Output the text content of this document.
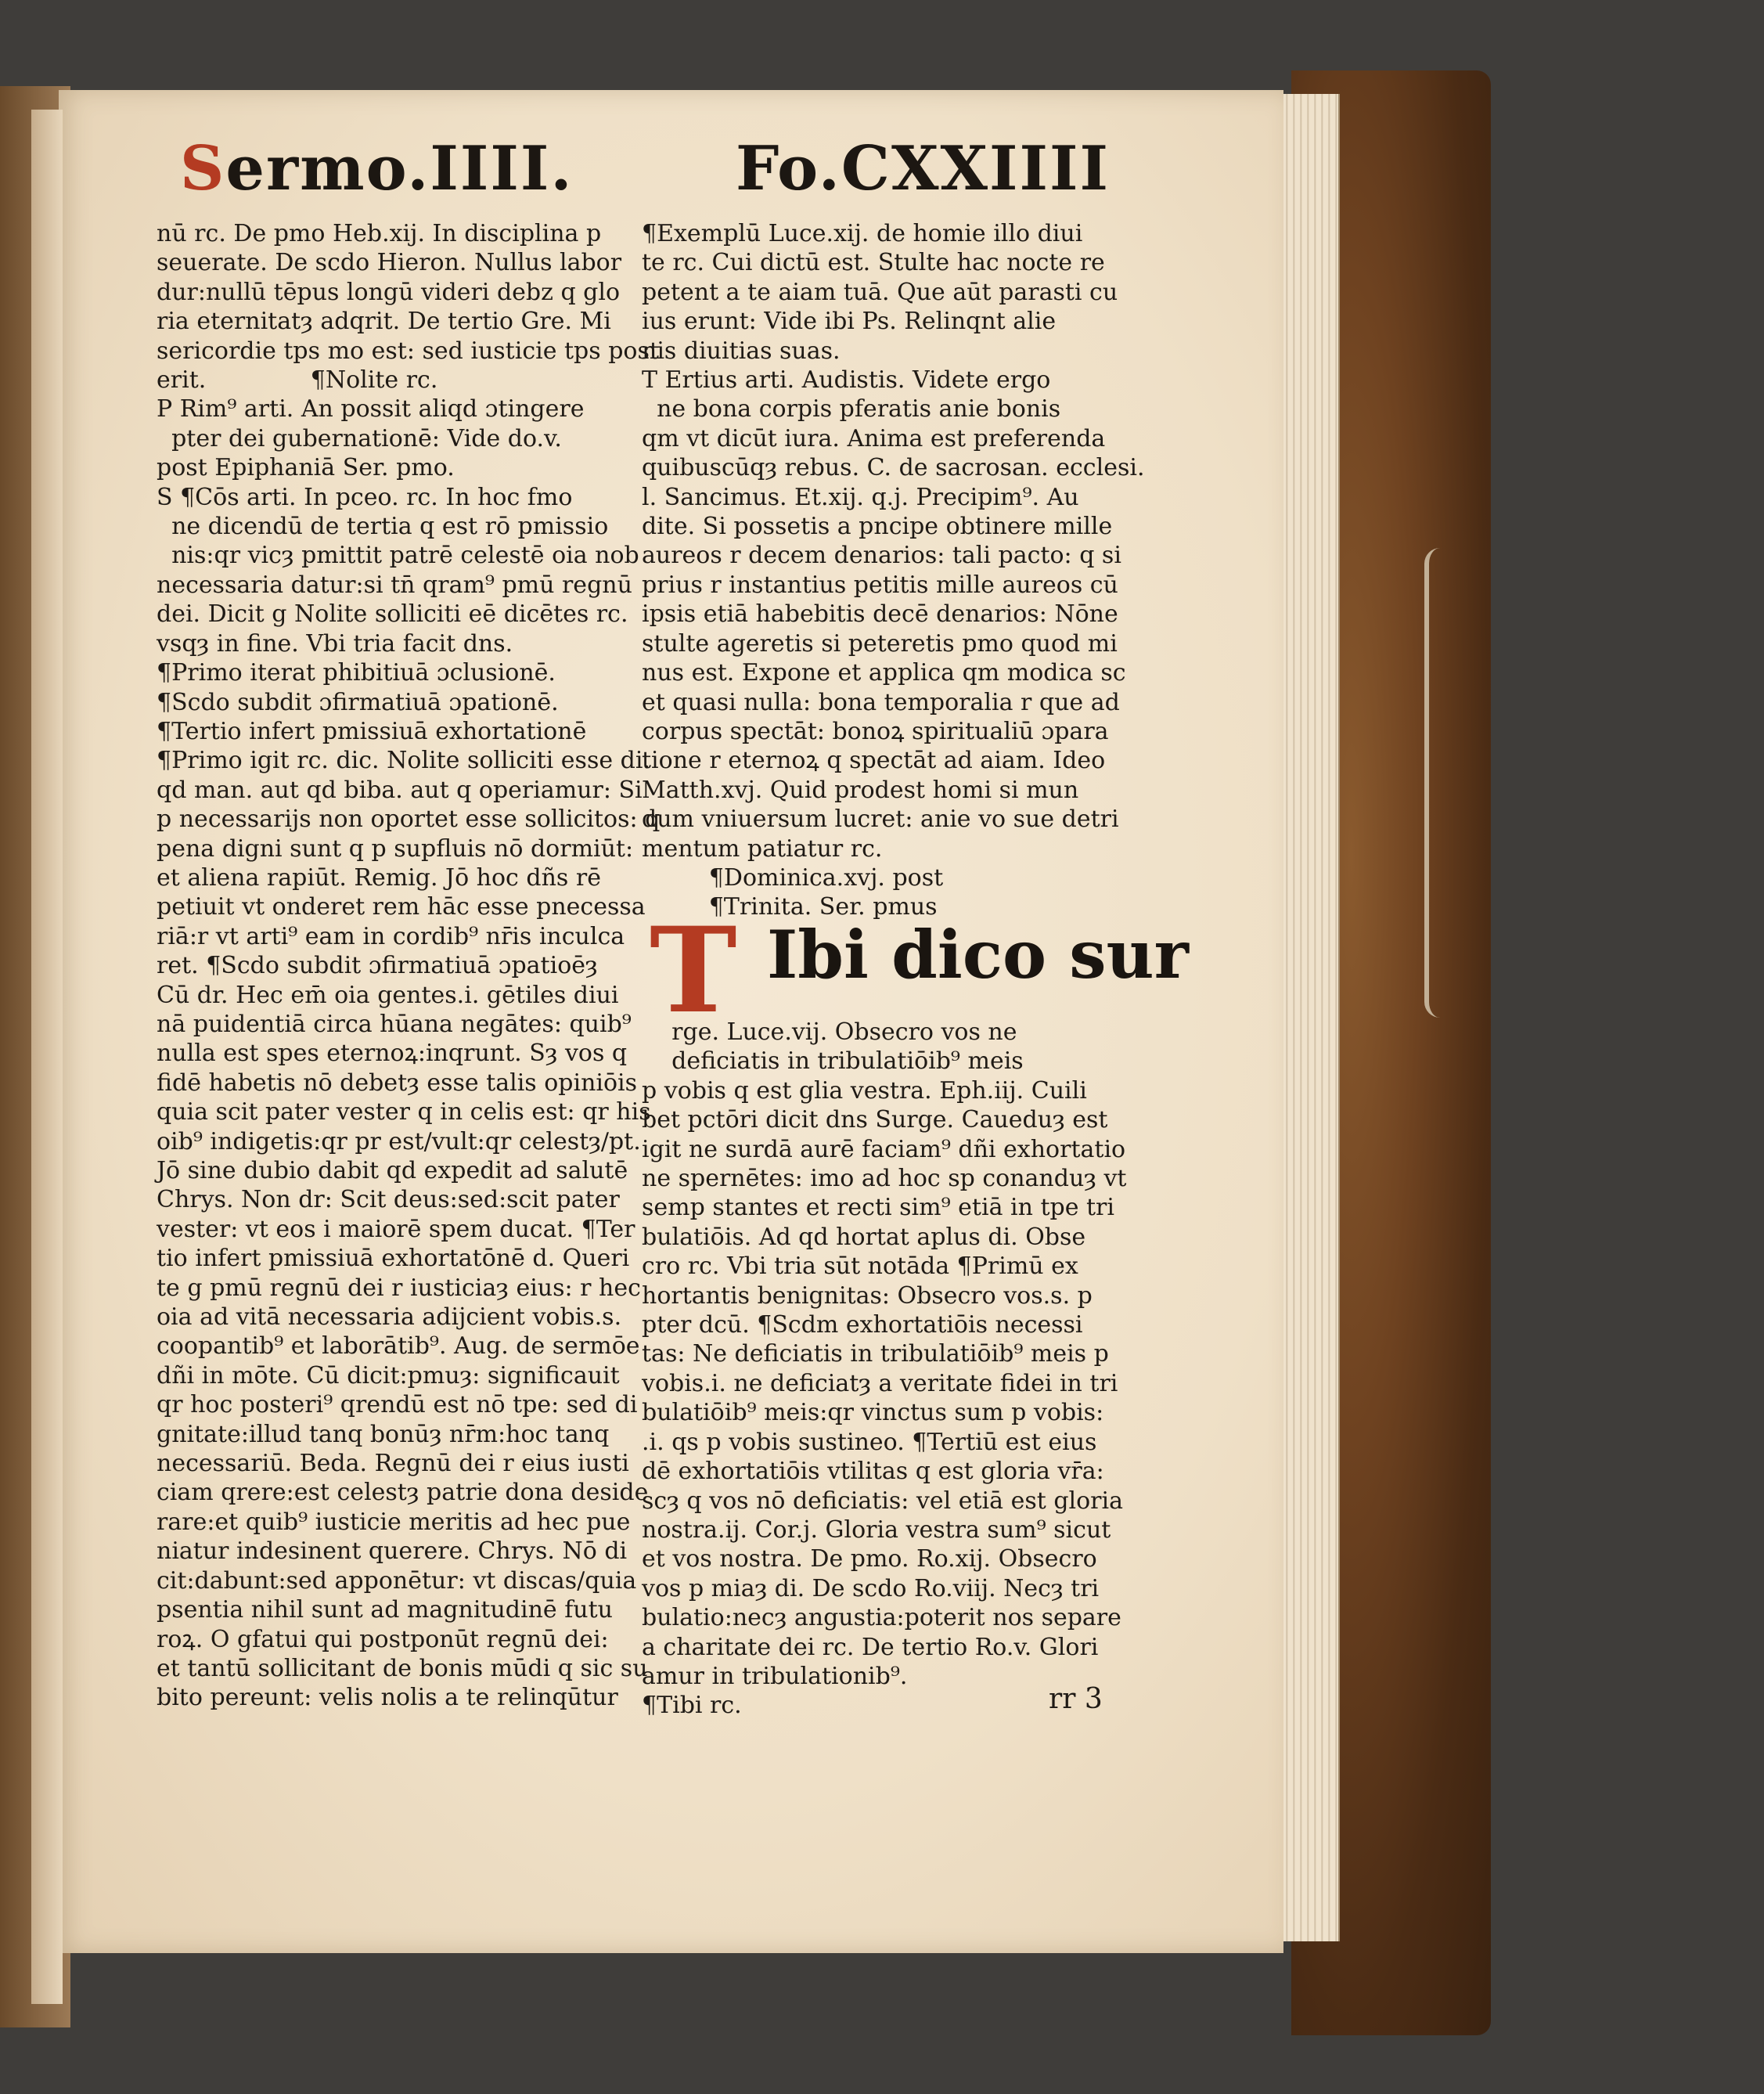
Sermo.IIII.	Fo.CXXIIII
nū rc. De pmo Heb.xij. In disciplina p
seuerate. De scdo Hieron. Nullus labor
dur:nullū tēpus longū videri debz q glo
ria eternitatȝ adqrit. De tertio Gre. Mi
sericordie tps mo est: sed iusticie tps post
erit.              ¶Nolite rc.
P Rim⁹ arti. An possit aliqd ɔtingere
pter dei gubernationē: Vide do.v.
post Epiphaniā Ser. pmo.
S ¶Cōs arti. In pceo. rc. In hoc fmo
ne dicendū de tertia q est rō pmissio
nis:qr vicȝ pmittit patrē celestē oia nob
necessaria datur:si tn̄ qram⁹ pmū regnū
dei. Dicit g Nolite solliciti eē dicētes rc.
vsqȝ in fine. Vbi tria facit dns.
¶Primo iterat phibitiuā ɔclusionē.
¶Scdo subdit ɔfirmatiuā ɔpationē.
¶Tertio infert pmissiuā exhortationē
¶Primo igit rc. dic. Nolite solliciti esse di.
qd man. aut qd biba. aut q operiamur: Si
p necessarijs non oportet esse sollicitos: q
pena digni sunt q p supfluis nō dormiūt:
et aliena rapiūt. Remig. Jō hoc dñs rē
petiuit vt onderet rem hāc esse pnecessa
riā:r vt arti⁹ eam in cordib⁹ nr̄is inculca
ret. ¶Scdo subdit ɔfirmatiuā ɔpatioēȝ
Cū dr. Hec em̄ oia gentes.i. gētiles diui
nā puidentiā circa hūana negātes: quib⁹
nulla est spes eternoꝝ:inqrunt. Sȝ vos q
fidē habetis nō debetȝ esse talis opiniōis
quia scit pater vester q in celis est: qr his
oib⁹ indigetis:qr pr est/vult:qr celestȝ/pt.
Jō sine dubio dabit qd expedit ad salutē
Chrys. Non dr: Scit deus:sed:scit pater
vester: vt eos i maiorē spem ducat. ¶Ter
tio infert pmissiuā exhortatōnē d. Queri
te g pmū regnū dei r iusticiaȝ eius: r hec
oia ad vitā necessaria adijcient vobis.s.
coopantib⁹ et laborātib⁹. Aug. de sermōe
dñi in mōte. Cū dicit:pmuȝ: significauit
qr hoc posteri⁹ qrendū est nō tpe: sed di
gnitate:illud tanq bonūȝ nr̄m:hoc tanq
necessariū. Beda. Regnū dei r eius iusti
ciam qrere:est celestȝ patrie dona deside
rare:et quib⁹ iusticie meritis ad hec pue
niatur indesinent querere. Chrys. Nō di
cit:dabunt:sed apponētur: vt discas/quia
psentia nihil sunt ad magnitudinē futu
roꝝ. O gfatui qui postponūt regnū dei:
et tantū sollicitant de bonis mūdi q sic su
bito pereunt: velis nolis a te relinqūtur
¶Exemplū Luce.xij. de homie illo diui
te rc. Cui dictū est. Stulte hac nocte re
petent a te aiam tuā. Que aūt parasti cu
ius erunt: Vide ibi Ps. Relinqnt alie
nis diuitias suas.
T Ertius arti. Audistis. Videte ergo
ne bona corpis pferatis anie bonis
qm vt dicūt iura. Anima est preferenda
quibuscūqȝ rebus. C. de sacrosan. ecclesi.
l. Sancimus. Et.xij. q.j. Precipim⁹. Au
dite. Si possetis a pncipe obtinere mille
aureos r decem denarios: tali pacto: q si
prius r instantius petitis mille aureos cū
ipsis etiā habebitis decē denarios: Nōne
stulte ageretis si peteretis pmo quod mi
nus est. Expone et applica qm modica sc
et quasi nulla: bona temporalia r que ad
corpus spectāt: bonoꝝ spiritualiū ɔpara
tione r eternoꝝ q spectāt ad aiam. Ideo
Matth.xvj. Quid prodest homi si mun
dum vniuersum lucret: anie vo sue detri
mentum patiatur rc.
¶Dominica.xvj. post
¶Trinita. Ser. pmus
Ibi dico sur
T
rge. Luce.vij. Obsecro vos ne
deficiatis in tribulatiōib⁹ meis
p vobis q est glia vestra. Eph.iij. Cuili
bet pctōri dicit dns Surge. Caueduȝ est
igit ne surdā aurē faciam⁹ dñi exhortatio
ne spernētes: imo ad hoc sp conanduȝ vt
semp stantes et recti sim⁹ etiā in tpe tri
bulatiōis. Ad qd hortat aplus di. Obse
cro rc. Vbi tria sūt notāda ¶Primū ex
hortantis benignitas: Obsecro vos.s. p
pter dcū. ¶Scdm exhortatiōis necessi
tas: Ne deficiatis in tribulatiōib⁹ meis p
vobis.i. ne deficiatȝ a veritate fidei in tri
bulatiōib⁹ meis:qr vinctus sum p vobis:
.i. qs p vobis sustineo. ¶Tertiū est eius
dē exhortatiōis vtilitas q est gloria vr̄a:
scȝ q vos nō deficiatis: vel etiā est gloria
nostra.ij. Cor.j. Gloria vestra sum⁹ sicut
et vos nostra. De pmo. Ro.xij. Obsecro
vos p miaȝ di. De scdo Ro.viij. Necȝ tri
bulatio:necȝ angustia:poterit nos separe
a charitate dei rc. De tertio Ro.v. Glori
amur in tribulationib⁹.
¶Tibi rc.	rr 3
